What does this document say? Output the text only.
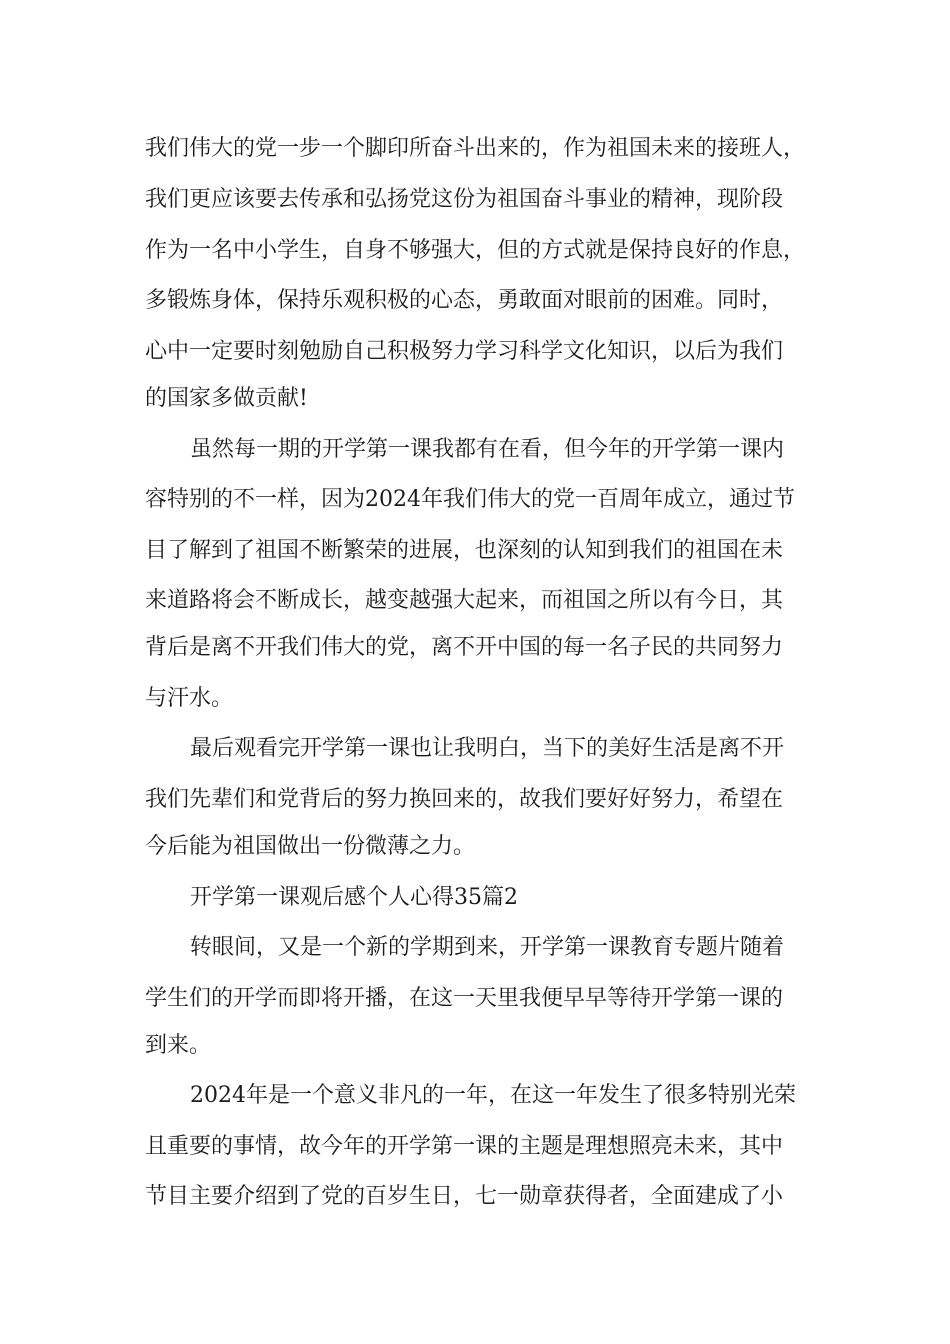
我们伟大的党一步一个脚印所奋斗出来的，作为祖国未来的接班人，
我们更应该要去传承和弘扬党这份为祖国奋斗事业的精神，现阶段
作为一名中小学生，自身不够强大，但的方式就是保持良好的作息，
多锻炼身体，保持乐观积极的心态，勇敢面对眼前的困难。同时，
心中一定要时刻勉励自己积极努力学习科学文化知识，以后为我们
的国家多做贡献!
虽然每一期的开学第一课我都有在看，但今年的开学第一课内
容特别的不一样，因为2024年我们伟大的党一百周年成立，通过节
目了解到了祖国不断繁荣的进展，也深刻的认知到我们的祖国在未
来道路将会不断成长，越变越强大起来，而祖国之所以有今日，其
背后是离不开我们伟大的党，离不开中国的每一名子民的共同努力
与汗水。
最后观看完开学第一课也让我明白，当下的美好生活是离不开
我们先辈们和党背后的努力换回来的，故我们要好好努力，希望在
今后能为祖国做出一份微薄之力。
开学第一课观后感个人心得35篇2
转眼间，又是一个新的学期到来，开学第一课教育专题片随着
学生们的开学而即将开播，在这一天里我便早早等待开学第一课的
到来。
2024年是一个意义非凡的一年，在这一年发生了很多特别光荣
且重要的事情，故今年的开学第一课的主题是理想照亮未来，其中
节目主要介绍到了党的百岁生日，七一勋章获得者，全面建成了小
